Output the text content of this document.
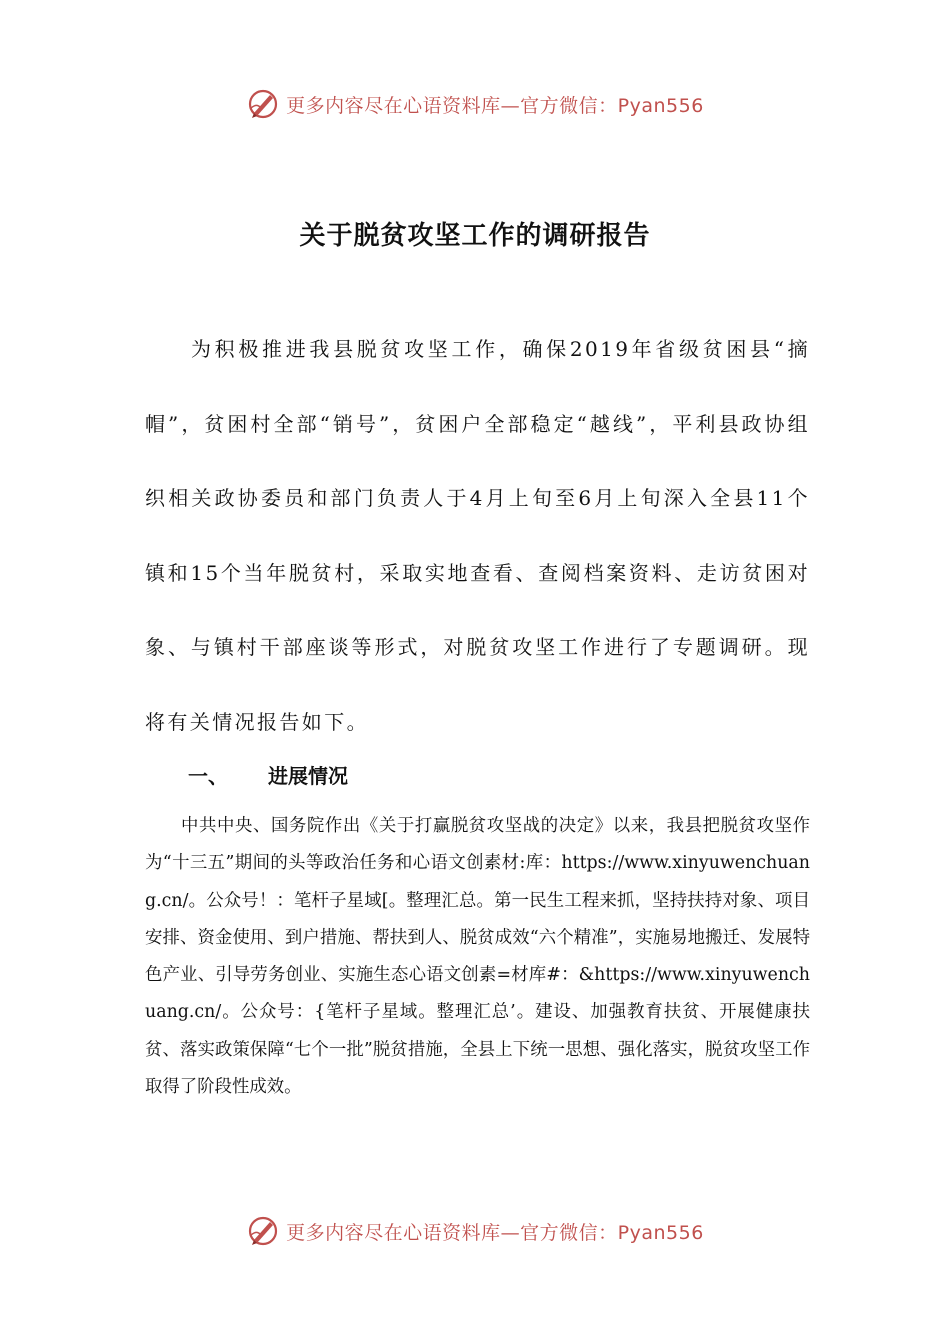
更多内容尽在心语资料库—官方微信：Pyan556
关于脱贫攻坚工作的调研报告

为积极推进我县脱贫攻坚工作，确保2019年省级贫困县“摘帽”，贫困村全部“销号”，贫困户全部稳定“越线”，平利县政协组织相关政协委员和部门负责人于4月上旬至6月上旬深入全县11个镇和15个当年脱贫村，采取实地查看、查阅档案资料、走访贫困对象、与镇村干部座谈等形式，对脱贫攻坚工作进行了专题调研。现将有关情况报告如下。

一、	进展情况

中共中央、国务院作出《关于打赢脱贫攻坚战的决定》以来，我县把脱贫攻坚作为“十三五”期间的头等政治任务和心语文创素材:库：https://www.xinyuwenchuang.cn/。公众号！：笔杆子星域[。整理汇总。第一民生工程来抓，坚持扶持对象、项目安排、资金使用、到户措施、帮扶到人、脱贫成效“六个精准”，实施易地搬迁、发展特色产业、引导劳务创业、实施生态心语文创素=材库#：&https://www.xinyuwenchuang.cn/。公众号：{笔杆子星域。整理汇总’。建设、加强教育扶贫、开展健康扶贫、落实政策保障“七个一批”脱贫措施，全县上下统一思想、强化落实，脱贫攻坚工作取得了阶段性成效。

更多内容尽在心语资料库—官方微信：Pyan556
